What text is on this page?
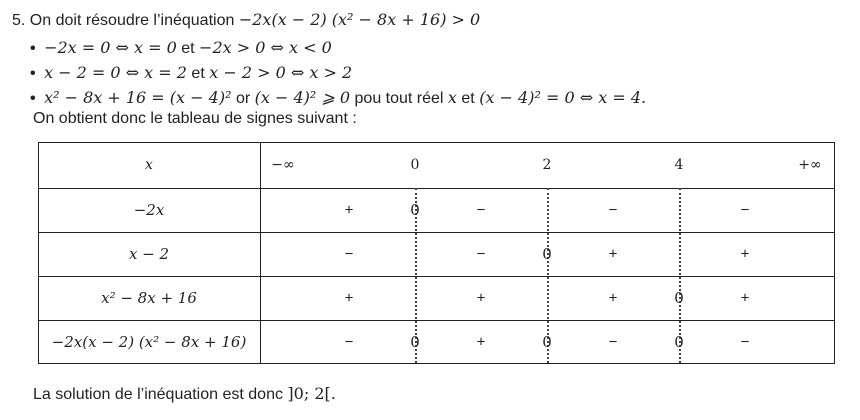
5. On doit résoudre l’inéquation −2x(x − 2) (x² − 8x + 16) > 0
• −2x = 0 ⇔ x = 0 et −2x > 0 ⇔ x < 0
• x − 2 = 0 ⇔ x = 2 et x − 2 > 0 ⇔ x > 2
• x² − 8x + 16 = (x − 4)² or (x − 4)² ⩾ 0 pou tout réel x et (x − 4)² = 0 ⇔ x = 4.
On obtient donc le tableau de signes suivant :
x	−∞	0	2	4	+∞
−2x	+	0	−	−	−
x − 2	−	−	0	+	+
x² − 8x + 16	+	+	+	0	+
−2x(x − 2) (x² − 8x + 16)	−	0	+	0	−	0	−
La solution de l’inéquation est donc ]0; 2[.
